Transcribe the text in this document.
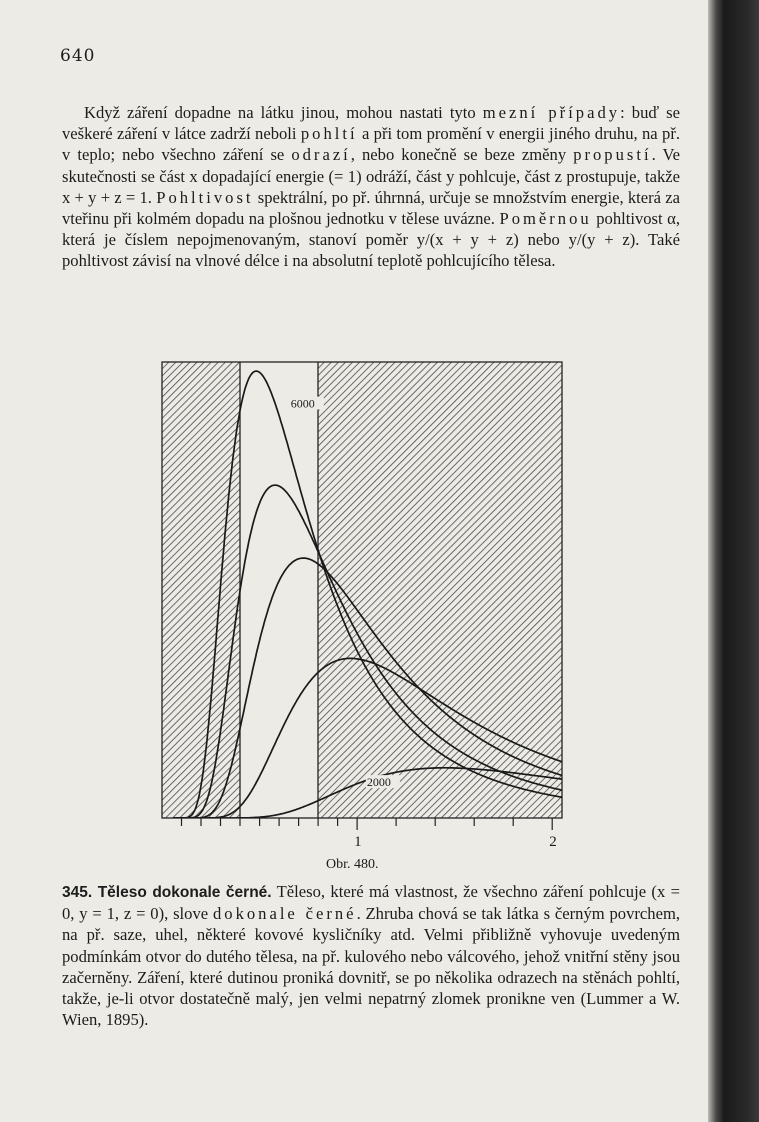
640
Když záření dopadne na látku jinou, mohou nastati tyto mezní případy: buď se veškeré záření v látce zadrží neboli pohltí a při tom promění v energii jiného druhu, na př. v teplo; nebo všechno záření se odrazí, nebo konečně se beze změny propustí. Ve skutečnosti se část x dopadající energie (= 1) odráží, část y pohlcuje, část z prostupuje, takže x + y + z = 1. Pohltivost spektrální, po př. úhrnná, určuje se množstvím energie, která za vteřinu při kolmém dopadu na plošnou jednotku v tělese uvázne. Poměrnou pohltivost α, která je číslem nepojmenovaným, stanoví poměr y/(x + y + z) nebo y/(y + z). Také pohltivost závisí na vlnové délce i na absolutní teplotě pohlcujícího tělesa.
6000
2000
1	2
Obr. 480.
345. Těleso dokonale černé. Těleso, které má vlastnost, že všechno záření pohlcuje (x = 0, y = 1, z = 0), slove dokonale černé. Zhruba chová se tak látka s černým povrchem, na př. saze, uhel, některé kovové kysličníky atd. Velmi přibližně vyhovuje uvedeným podmínkám otvor do dutého tělesa, na př. kulového nebo válcového, jehož vnitřní stěny jsou začerněny. Záření, které dutinou proniká dovnitř, se po několika odrazech na stěnách pohltí, takže, je-li otvor dostatečně malý, jen velmi nepatrný zlomek pronikne ven (Lummer a W. Wien, 1895).
